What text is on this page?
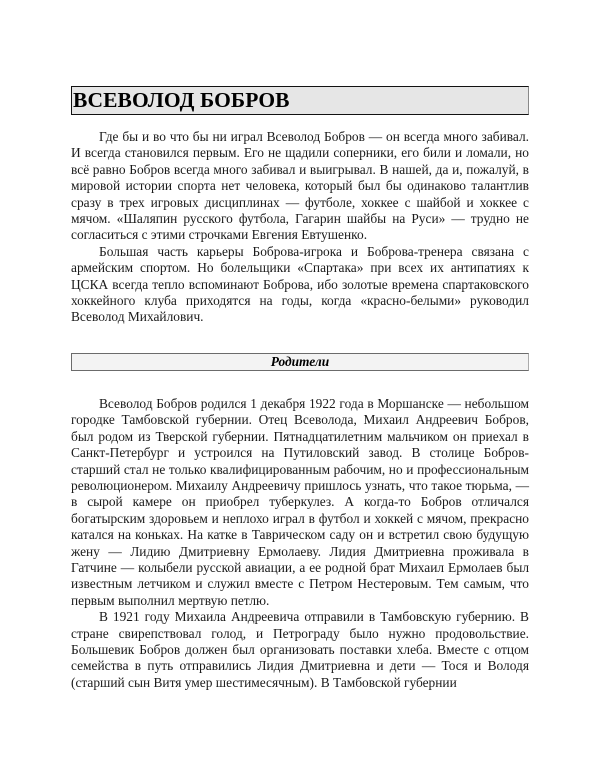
ВСЕВОЛОД БОБРОВ

Где бы и во что бы ни играл Всеволод Бобров — он всегда много забивал. И всегда становился первым. Его не щадили соперники, его били и ломали, но всё равно Бобров всегда много забивал и выигрывал. В нашей, да и, пожалуй, в мировой истории спорта нет человека, который был бы одинаково талантлив сразу в трех игровых дисциплинах — футболе, хоккее с шайбой и хоккее с мячом. «Шаляпин русского футбола, Гагарин шайбы на Руси» — трудно не согласиться с этими строчками Евгения Евтушенко.

Большая часть карьеры Боброва-игрока и Боброва-тренера связана с армейским спортом. Но болельщики «Спартака» при всех их антипатиях к ЦСКА всегда тепло вспоминают Боброва, ибо золотые времена спартаковского хоккейного клуба приходятся на годы, когда «красно-белыми» руководил Всеволод Михайлович.

Родители

Всеволод Бобров родился 1 декабря 1922 года в Моршанске — небольшом городке Тамбовской губернии. Отец Всеволода, Михаил Андреевич Бобров, был родом из Тверской губернии. Пятнадцатилетним мальчиком он приехал в Санкт-Петербург и устроился на Путиловский завод. В столице Бобров-старший стал не только квалифицированным рабочим, но и профессиональным революционером. Михаилу Андреевичу пришлось узнать, что такое тюрьма, — в сырой камере он приобрел туберкулез. А когда-то Бобров отличался богатырским здоровьем и неплохо играл в футбол и хоккей с мячом, прекрасно катался на коньках. На катке в Таврическом саду он и встретил свою будущую жену — Лидию Дмитриевну Ермолаеву. Лидия Дмитриевна проживала в Гатчине — колыбели русской авиации, а ее родной брат Михаил Ермолаев был известным летчиком и служил вместе с Петром Нестеровым. Тем самым, что первым выполнил мертвую петлю.

В 1921 году Михаила Андреевича отправили в Тамбовскую губернию. В стране свирепствовал голод, и Петрограду было нужно продовольствие. Большевик Бобров должен был организовать поставки хлеба. Вместе с отцом семейства в путь отправились Лидия Дмитриевна и дети — Тося и Володя (старший сын Витя умер шестимесячным). В Тамбовской губернии
